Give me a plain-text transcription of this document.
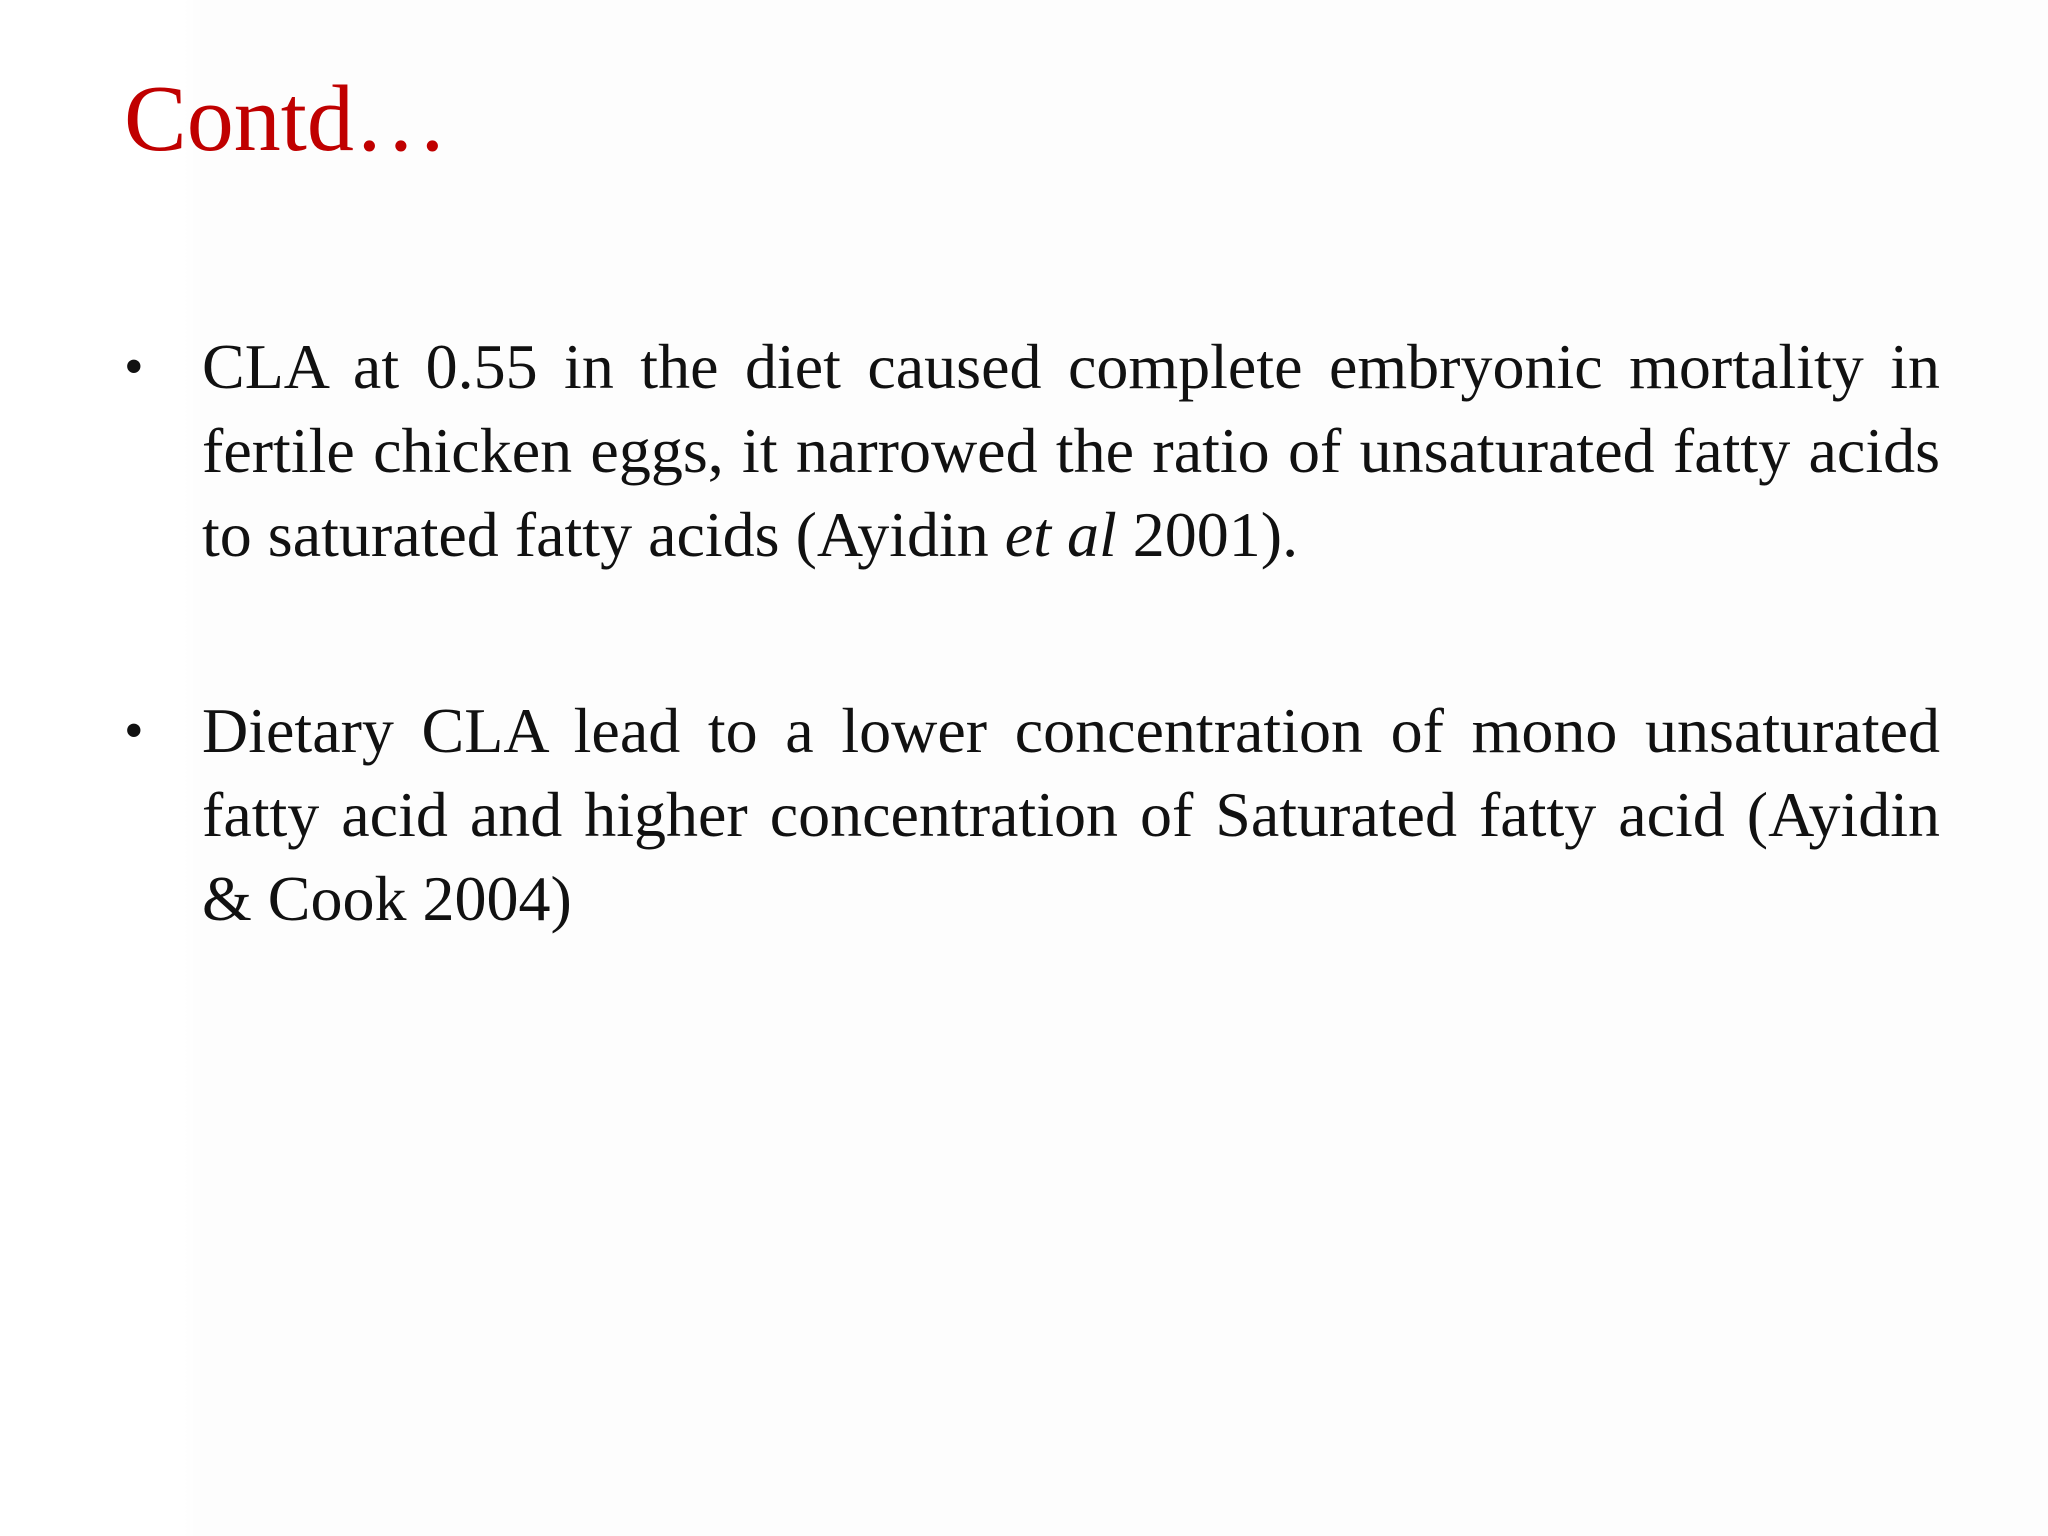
Contd…
• CLA at 0.55 in the diet caused complete embryonic mortality in fertile chicken eggs, it narrowed the ratio of unsaturated fatty acids to saturated fatty acids (Ayidin et al 2001).
• Dietary CLA lead to a lower concentration of mono unsaturated fatty acid and higher concentration of Saturated fatty acid (Ayidin & Cook 2004)
